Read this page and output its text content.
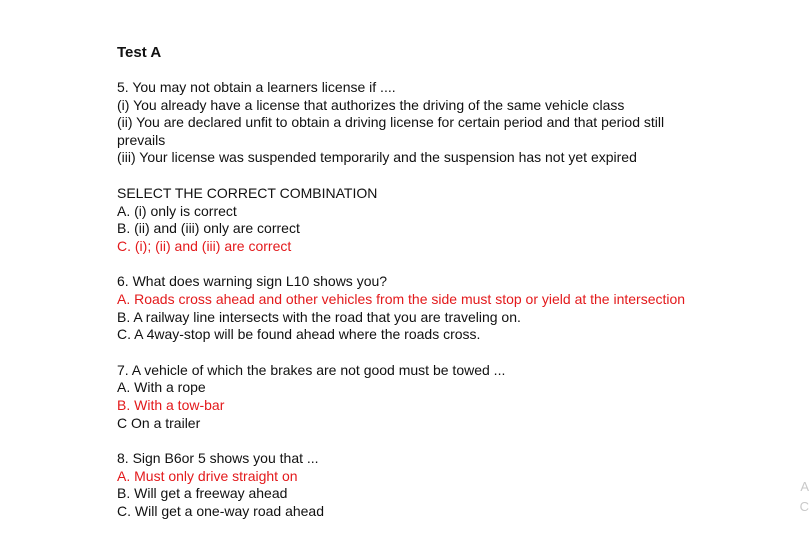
Test A
5. You may not obtain a learners license if ....
(i) You already have a license that authorizes the driving of the same vehicle class
(ii) You are declared unfit to obtain a driving license for certain period and that period still prevails
(iii) Your license was suspended temporarily and the suspension has not yet expired
SELECT THE CORRECT COMBINATION
A. (i) only is correct
B. (ii) and (iii) only are correct
C. (i); (ii) and (iii) are correct
6. What does warning sign L10 shows you?
A. Roads cross ahead and other vehicles from the side must stop or yield at the intersection
B. A railway line intersects with the road that you are traveling on.
C. A 4way-stop will be found ahead where the roads cross.
7. A vehicle of which the brakes are not good must be towed ...
A. With a rope
B. With a tow-bar
C On a trailer
8. Sign B6or 5 shows you that ...
A. Must only drive straight on
B. Will get a freeway ahead
C. Will get a one-way road ahead
A
C
